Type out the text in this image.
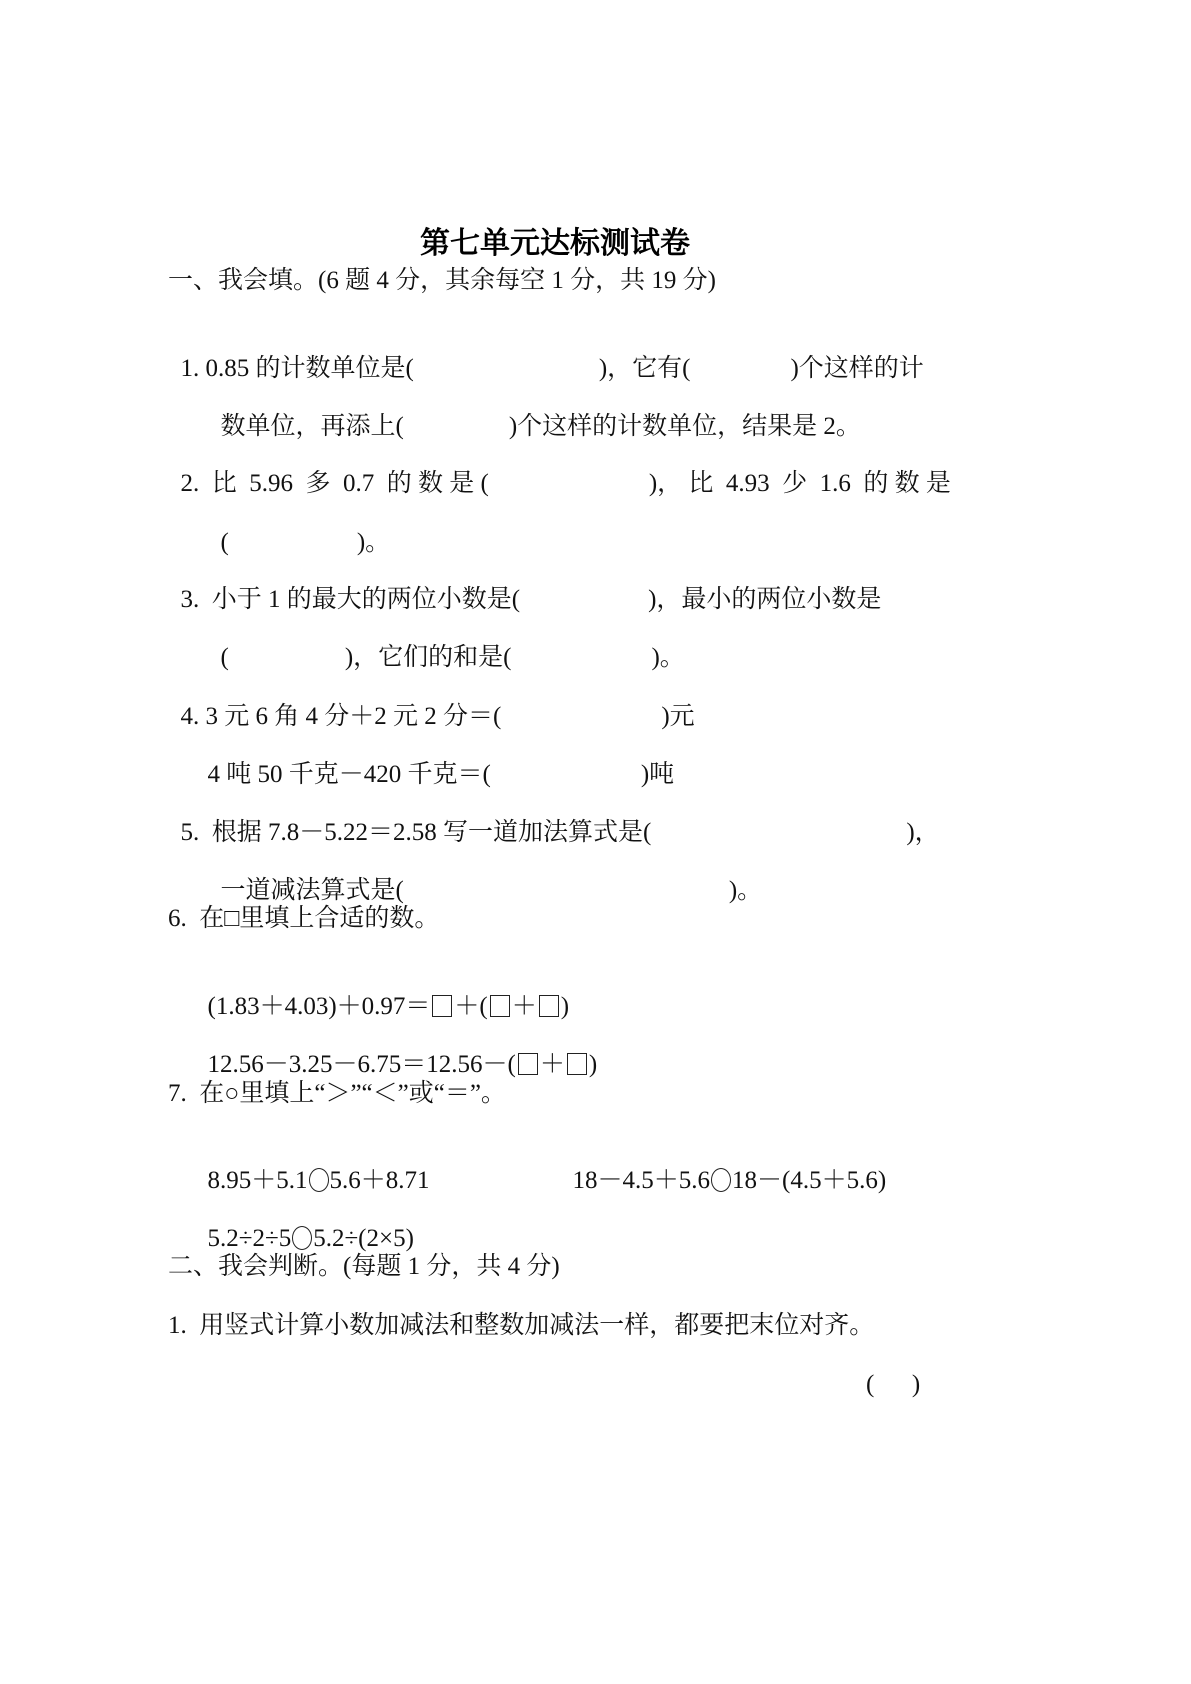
第七单元达标测试卷
一、我会填。(6 题 4 分，其余每空 1 分，共 19 分)

1. 0.85 的计数单位是(	)，它有(	)个这样的计

数单位，再添上(	)个这样的计数单位，结果是 2。

2.  比  5.96  多  0.7  的 数 是 (	)， 比  4.93  少  1.6  的 数 是

(	)。

3.  小于 1 的最大的两位小数是(	)，最小的两位小数是

(	)，它们的和是(	)。

4. 3 元 6 角 4 分＋2 元 2 分＝(	)元

4 吨 50 千克－420 千克＝(	)吨

5.  根据 7.8－5.22＝2.58 写一道加法算式是(	)，

一道减法算式是(	)。

6.  在□里填上合适的数。

(1.83＋4.03)＋0.97＝ ＋( ＋ )

12.56－3.25－6.75＝12.56－( ＋ )

7.  在○里填上“＞”“＜”或“＝”。

8.95＋5.1 5.6＋8.71	18－4.5＋5.6 18－(4.5＋5.6)

5.2÷2÷5 5.2÷(2×5)

二、我会判断。(每题 1 分，共 4 分)
1.  用竖式计算小数加减法和整数加减法一样，都要把末位对齐。
(      )
